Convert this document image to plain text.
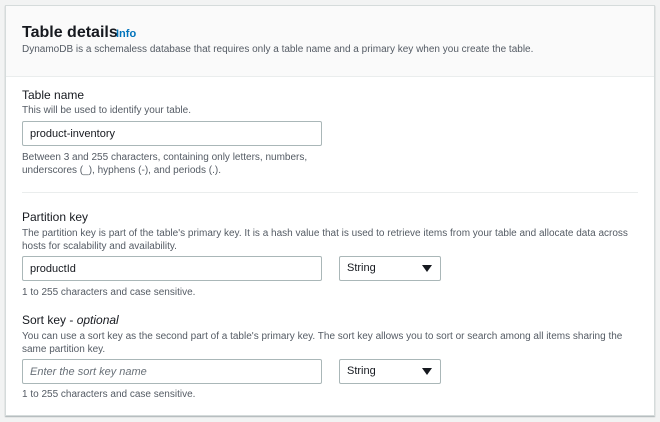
Table details
Info
DynamoDB is a schemaless database that requires only a table name and a primary key when you create the table.
Table name
This will be used to identify your table.
product-inventory
Between 3 and 255 characters, containing only letters, numbers,
underscores (_), hyphens (-), and periods (.).
Partition key
The partition key is part of the table's primary key. It is a hash value that is used to retrieve items from your table and allocate data across
hosts for scalability and availability.
productId
String
1 to 255 characters and case sensitive.
Sort key - optional
You can use a sort key as the second part of a table's primary key. The sort key allows you to sort or search among all items sharing the
same partition key.
Enter the sort key name
String
1 to 255 characters and case sensitive.
